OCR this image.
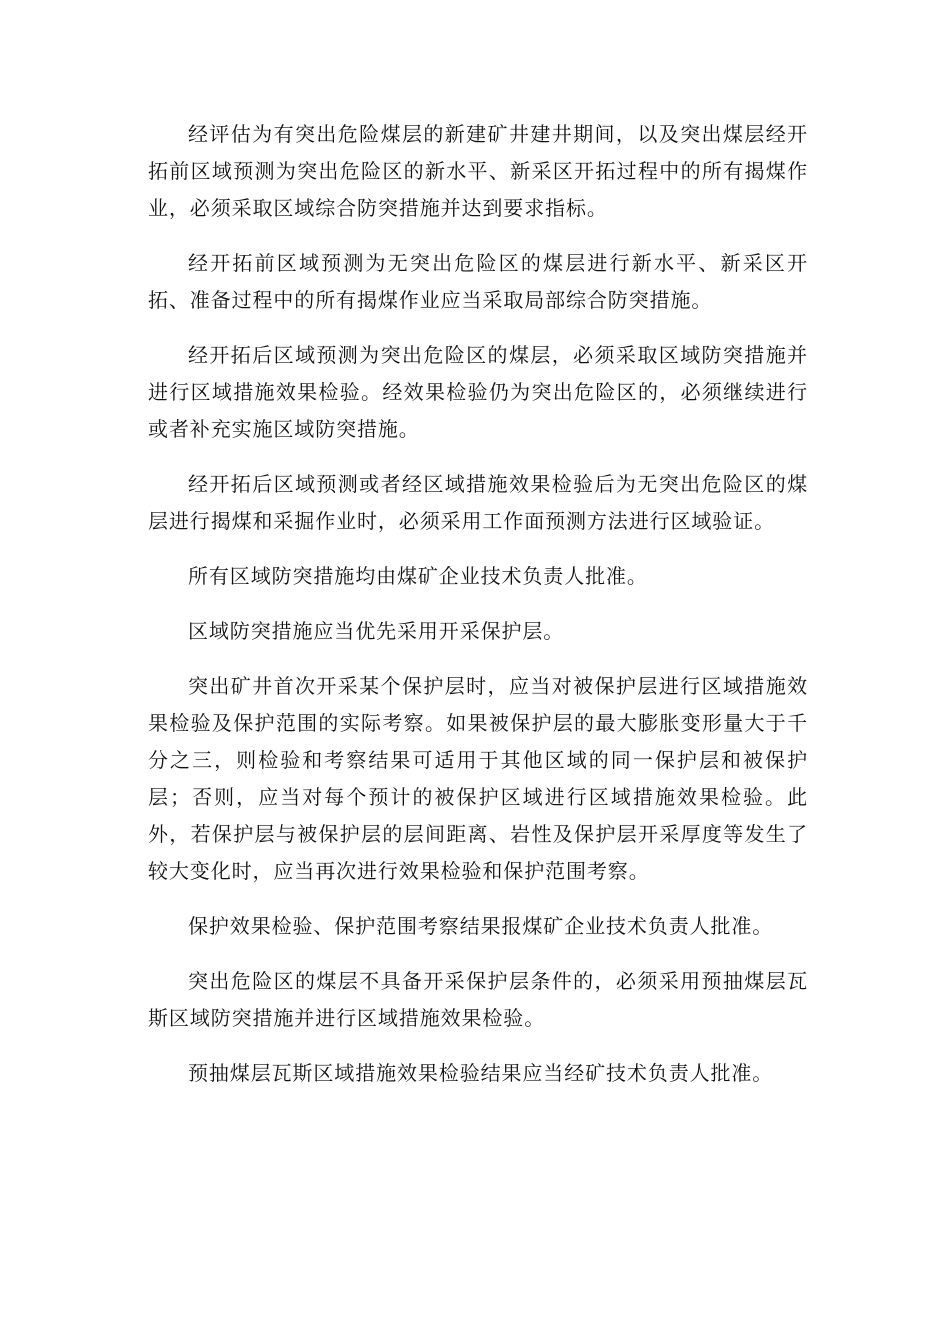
经评估为有突出危险煤层的新建矿井建井期间，以及突出煤层经开拓前区域预测为突出危险区的新水平、新采区开拓过程中的所有揭煤作业，必须采取区域综合防突措施并达到要求指标。

经开拓前区域预测为无突出危险区的煤层进行新水平、新采区开拓、准备过程中的所有揭煤作业应当采取局部综合防突措施。

经开拓后区域预测为突出危险区的煤层，必须采取区域防突措施并进行区域措施效果检验。经效果检验仍为突出危险区的，必须继续进行或者补充实施区域防突措施。

经开拓后区域预测或者经区域措施效果检验后为无突出危险区的煤层进行揭煤和采掘作业时，必须采用工作面预测方法进行区域验证。

所有区域防突措施均由煤矿企业技术负责人批准。

区域防突措施应当优先采用开采保护层。

突出矿井首次开采某个保护层时，应当对被保护层进行区域措施效果检验及保护范围的实际考察。如果被保护层的最大膨胀变形量大于千分之三，则检验和考察结果可适用于其他区域的同一保护层和被保护层；否则，应当对每个预计的被保护区域进行区域措施效果检验。此外，若保护层与被保护层的层间距离、岩性及保护层开采厚度等发生了较大变化时，应当再次进行效果检验和保护范围考察。

保护效果检验、保护范围考察结果报煤矿企业技术负责人批准。

突出危险区的煤层不具备开采保护层条件的，必须采用预抽煤层瓦斯区域防突措施并进行区域措施效果检验。

预抽煤层瓦斯区域措施效果检验结果应当经矿技术负责人批准。
